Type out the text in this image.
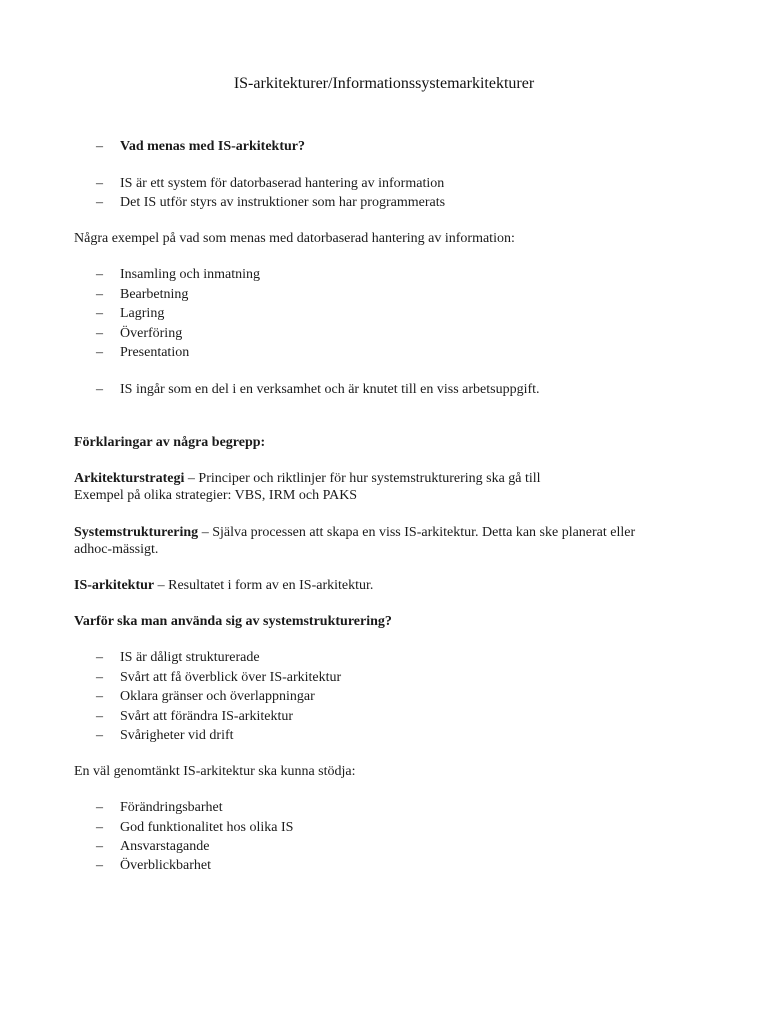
IS-arkitekturer/Informationssystemarkitekturer
– Vad menas med IS-arkitektur?
– IS är ett system för datorbaserad hantering av information
– Det IS utför styrs av instruktioner som har programmerats
Några exempel på vad som menas med datorbaserad hantering av information:
– Insamling och inmatning
– Bearbetning
– Lagring
– Överföring
– Presentation
– IS ingår som en del i en verksamhet och är knutet till en viss arbetsuppgift.
Förklaringar av några begrepp:
Arkitekturstrategi – Principer och riktlinjer för hur systemstrukturering ska gå till
Exempel på olika strategier: VBS, IRM och PAKS
Systemstrukturering – Själva processen att skapa en viss IS-arkitektur. Detta kan ske planerat eller
adhoc-mässigt.
IS-arkitektur – Resultatet i form av en IS-arkitektur.
Varför ska man använda sig av systemstrukturering?
– IS är dåligt strukturerade
– Svårt att få överblick över IS-arkitektur
– Oklara gränser och överlappningar
– Svårt att förändra IS-arkitektur
– Svårigheter vid drift
En väl genomtänkt IS-arkitektur ska kunna stödja:
– Förändringsbarhet
– God funktionalitet hos olika IS
– Ansvarstagande
– Överblickbarhet
